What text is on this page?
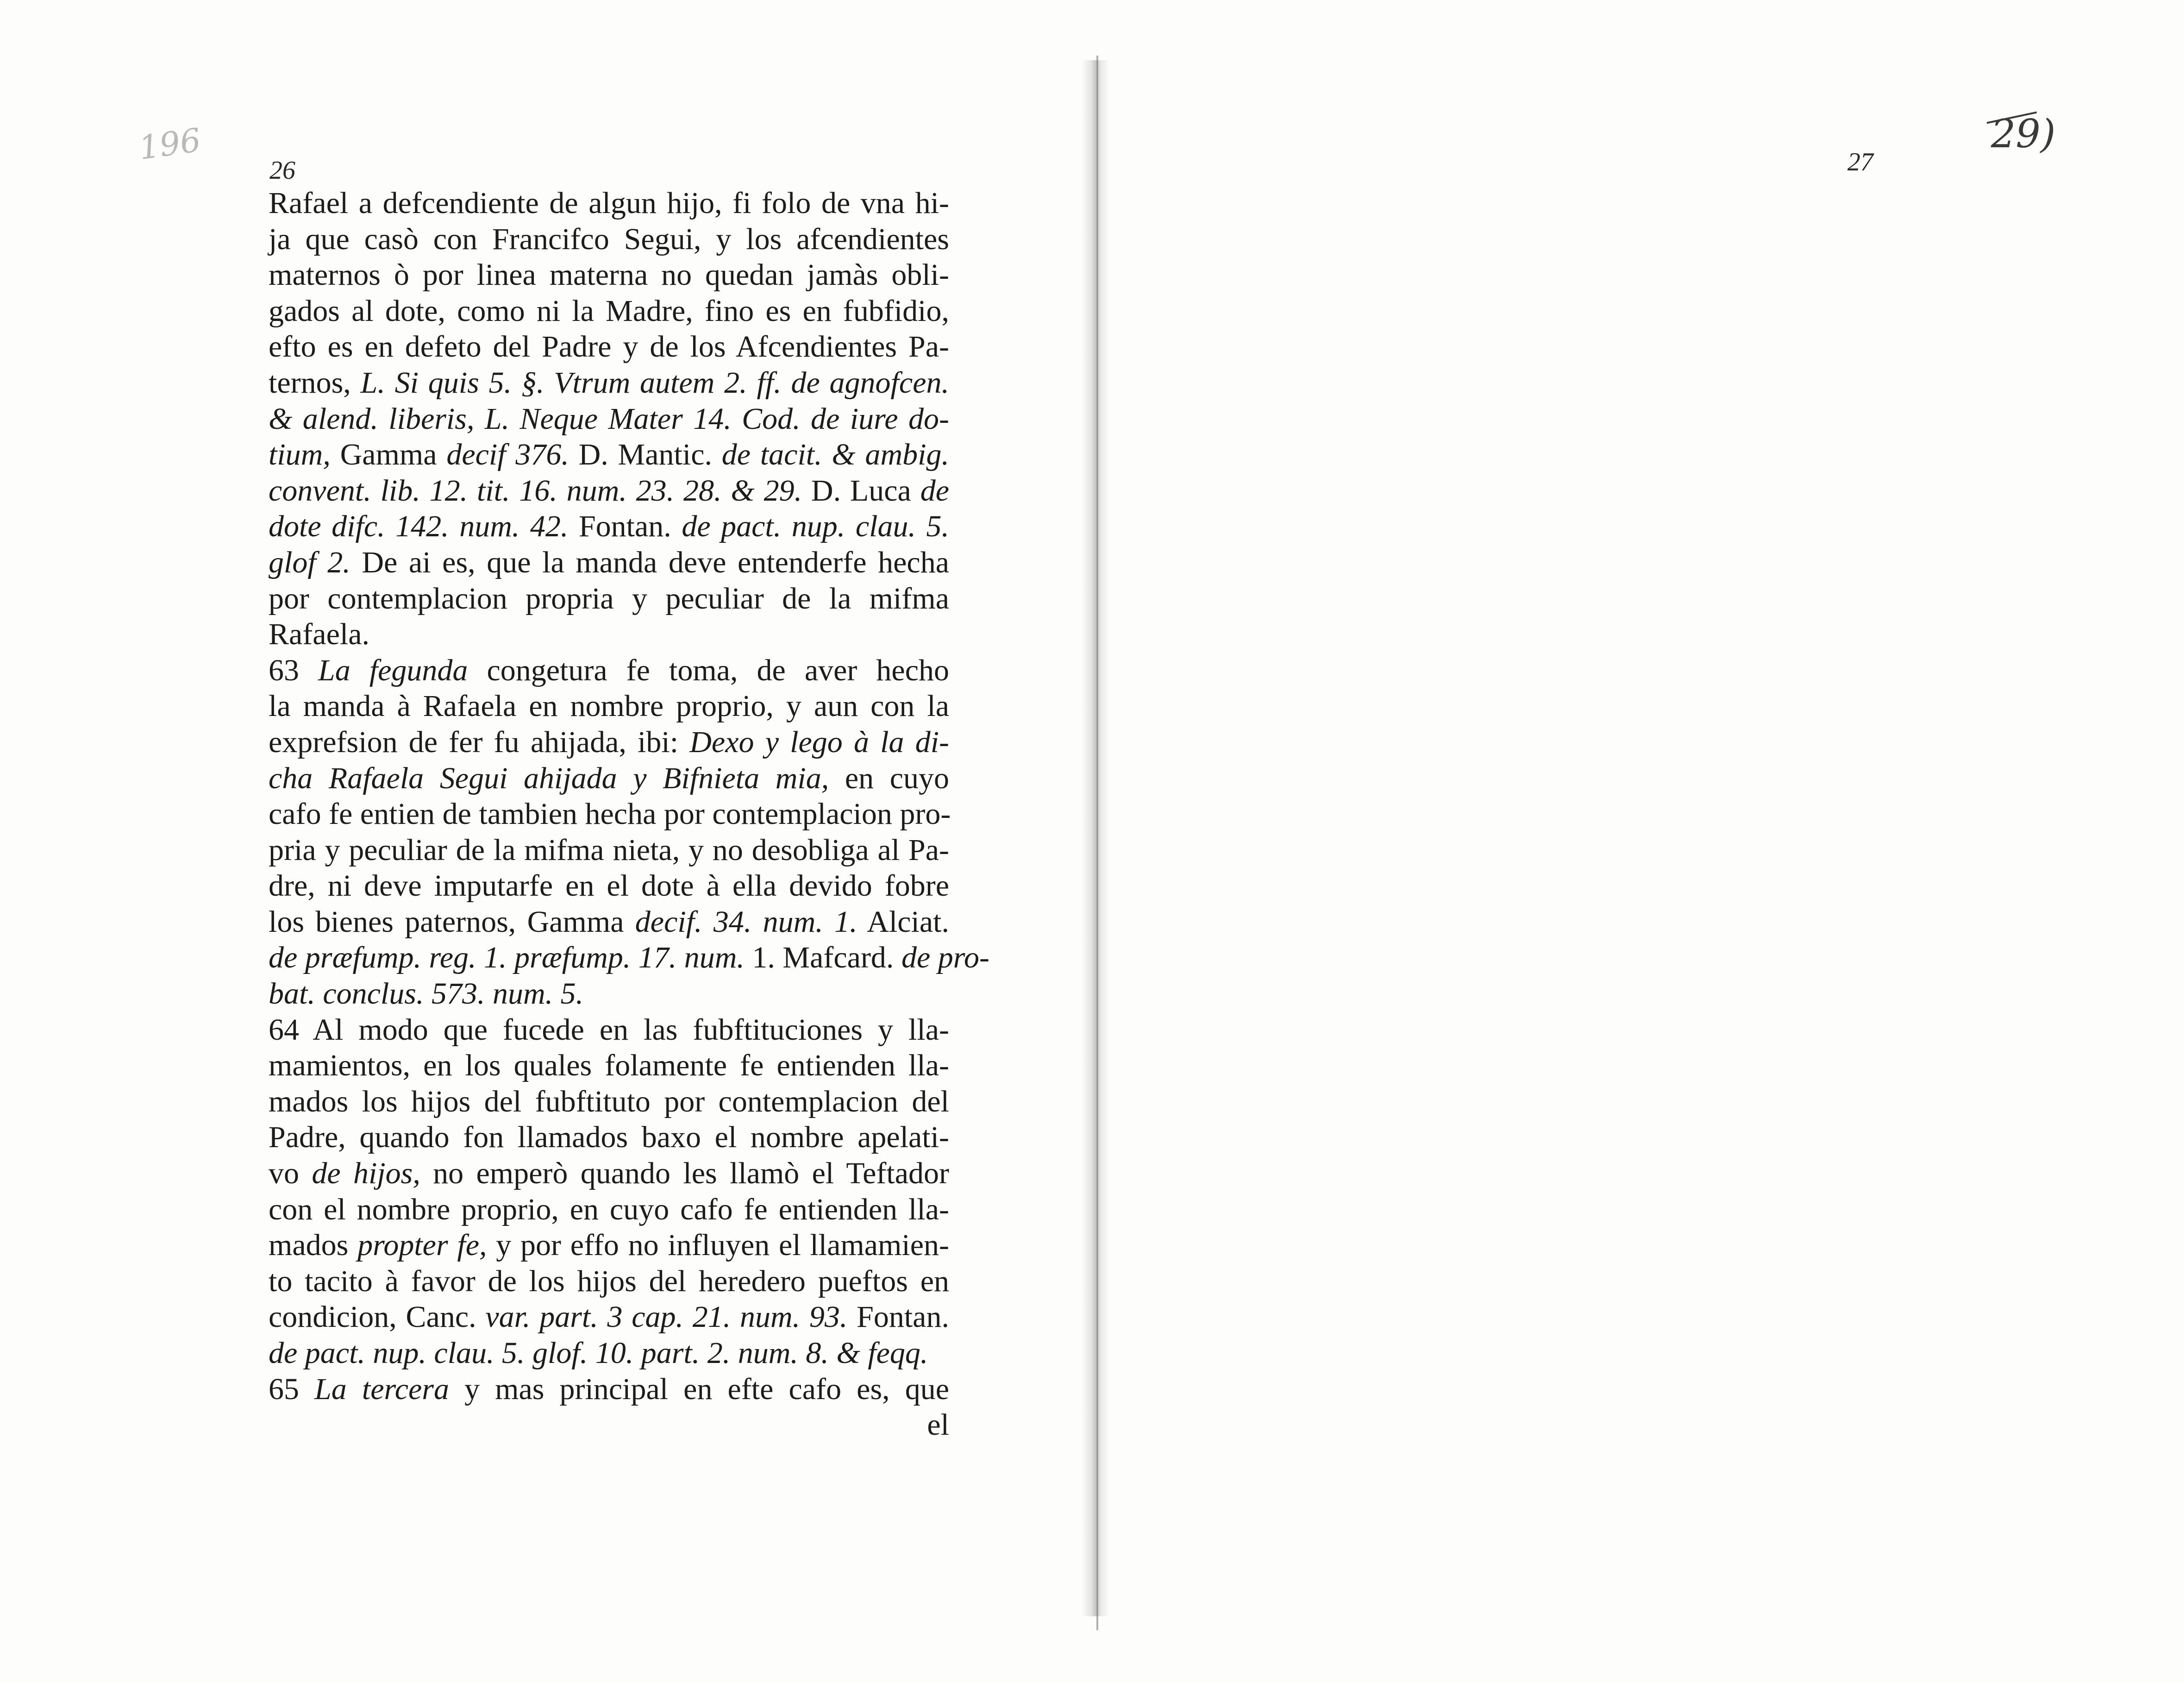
196	29)
26
Rafael a defcendiente de algun hijo, fi folo de vna hi-
ja que casò con Francifco Segui, y los afcendientes
maternos ò por linea materna no quedan jamàs obli-
gados al dote, como ni la Madre, fino es en fubfidio,
efto es en defeto del Padre y de los Afcendientes Pa-
ternos, L. Si quis 5. §. Vtrum autem 2. ff. de agnofcen.
& alend. liberis, L. Neque Mater 14. Cod. de iure do-
tium, Gamma decif 376. D. Mantic. de tacit. & ambig.
convent. lib. 12. tit. 16. num. 23. 28. & 29. D. Luca de
dote difc. 142. num. 42. Fontan. de pact. nup. clau. 5.
glof 2. De ai es, que la manda deve entenderfe hecha
por contemplacion propria y peculiar de la mifma
Rafaela.
63 La fegunda congetura fe toma, de aver hecho
la manda à Rafaela en nombre proprio, y aun con la
exprefsion de fer fu ahijada, ibi: Dexo y lego à la di-
cha Rafaela Segui ahijada y Bifnieta mia, en cuyo
cafo fe entien de tambien hecha por contemplacion pro-
pria y peculiar de la mifma nieta, y no desobliga al Pa-
dre, ni deve imputarfe en el dote à ella devido fobre
los bienes paternos, Gamma decif. 34. num. 1. Alciat.
de præfump. reg. 1. præfump. 17. num. 1. Mafcard. de pro-
bat. conclus. 573. num. 5.
64 Al modo que fucede en las fubftituciones y lla-
mamientos, en los quales folamente fe entienden lla-
mados los hijos del fubftituto por contemplacion del
Padre, quando fon llamados baxo el nombre apelati-
vo de hijos, no emperò quando les llamò el Teftador
con el nombre proprio, en cuyo cafo fe entienden lla-
mados propter fe, y por effo no influyen el llamamien-
to tacito à favor de los hijos del heredero pueftos en
condicion, Canc. var. part. 3 cap. 21. num. 93. Fontan.
de pact. nup. clau. 5. glof. 10. part. 2. num. 8. & feqq.
65 La tercera y mas principal en efte cafo es, que
el
27
